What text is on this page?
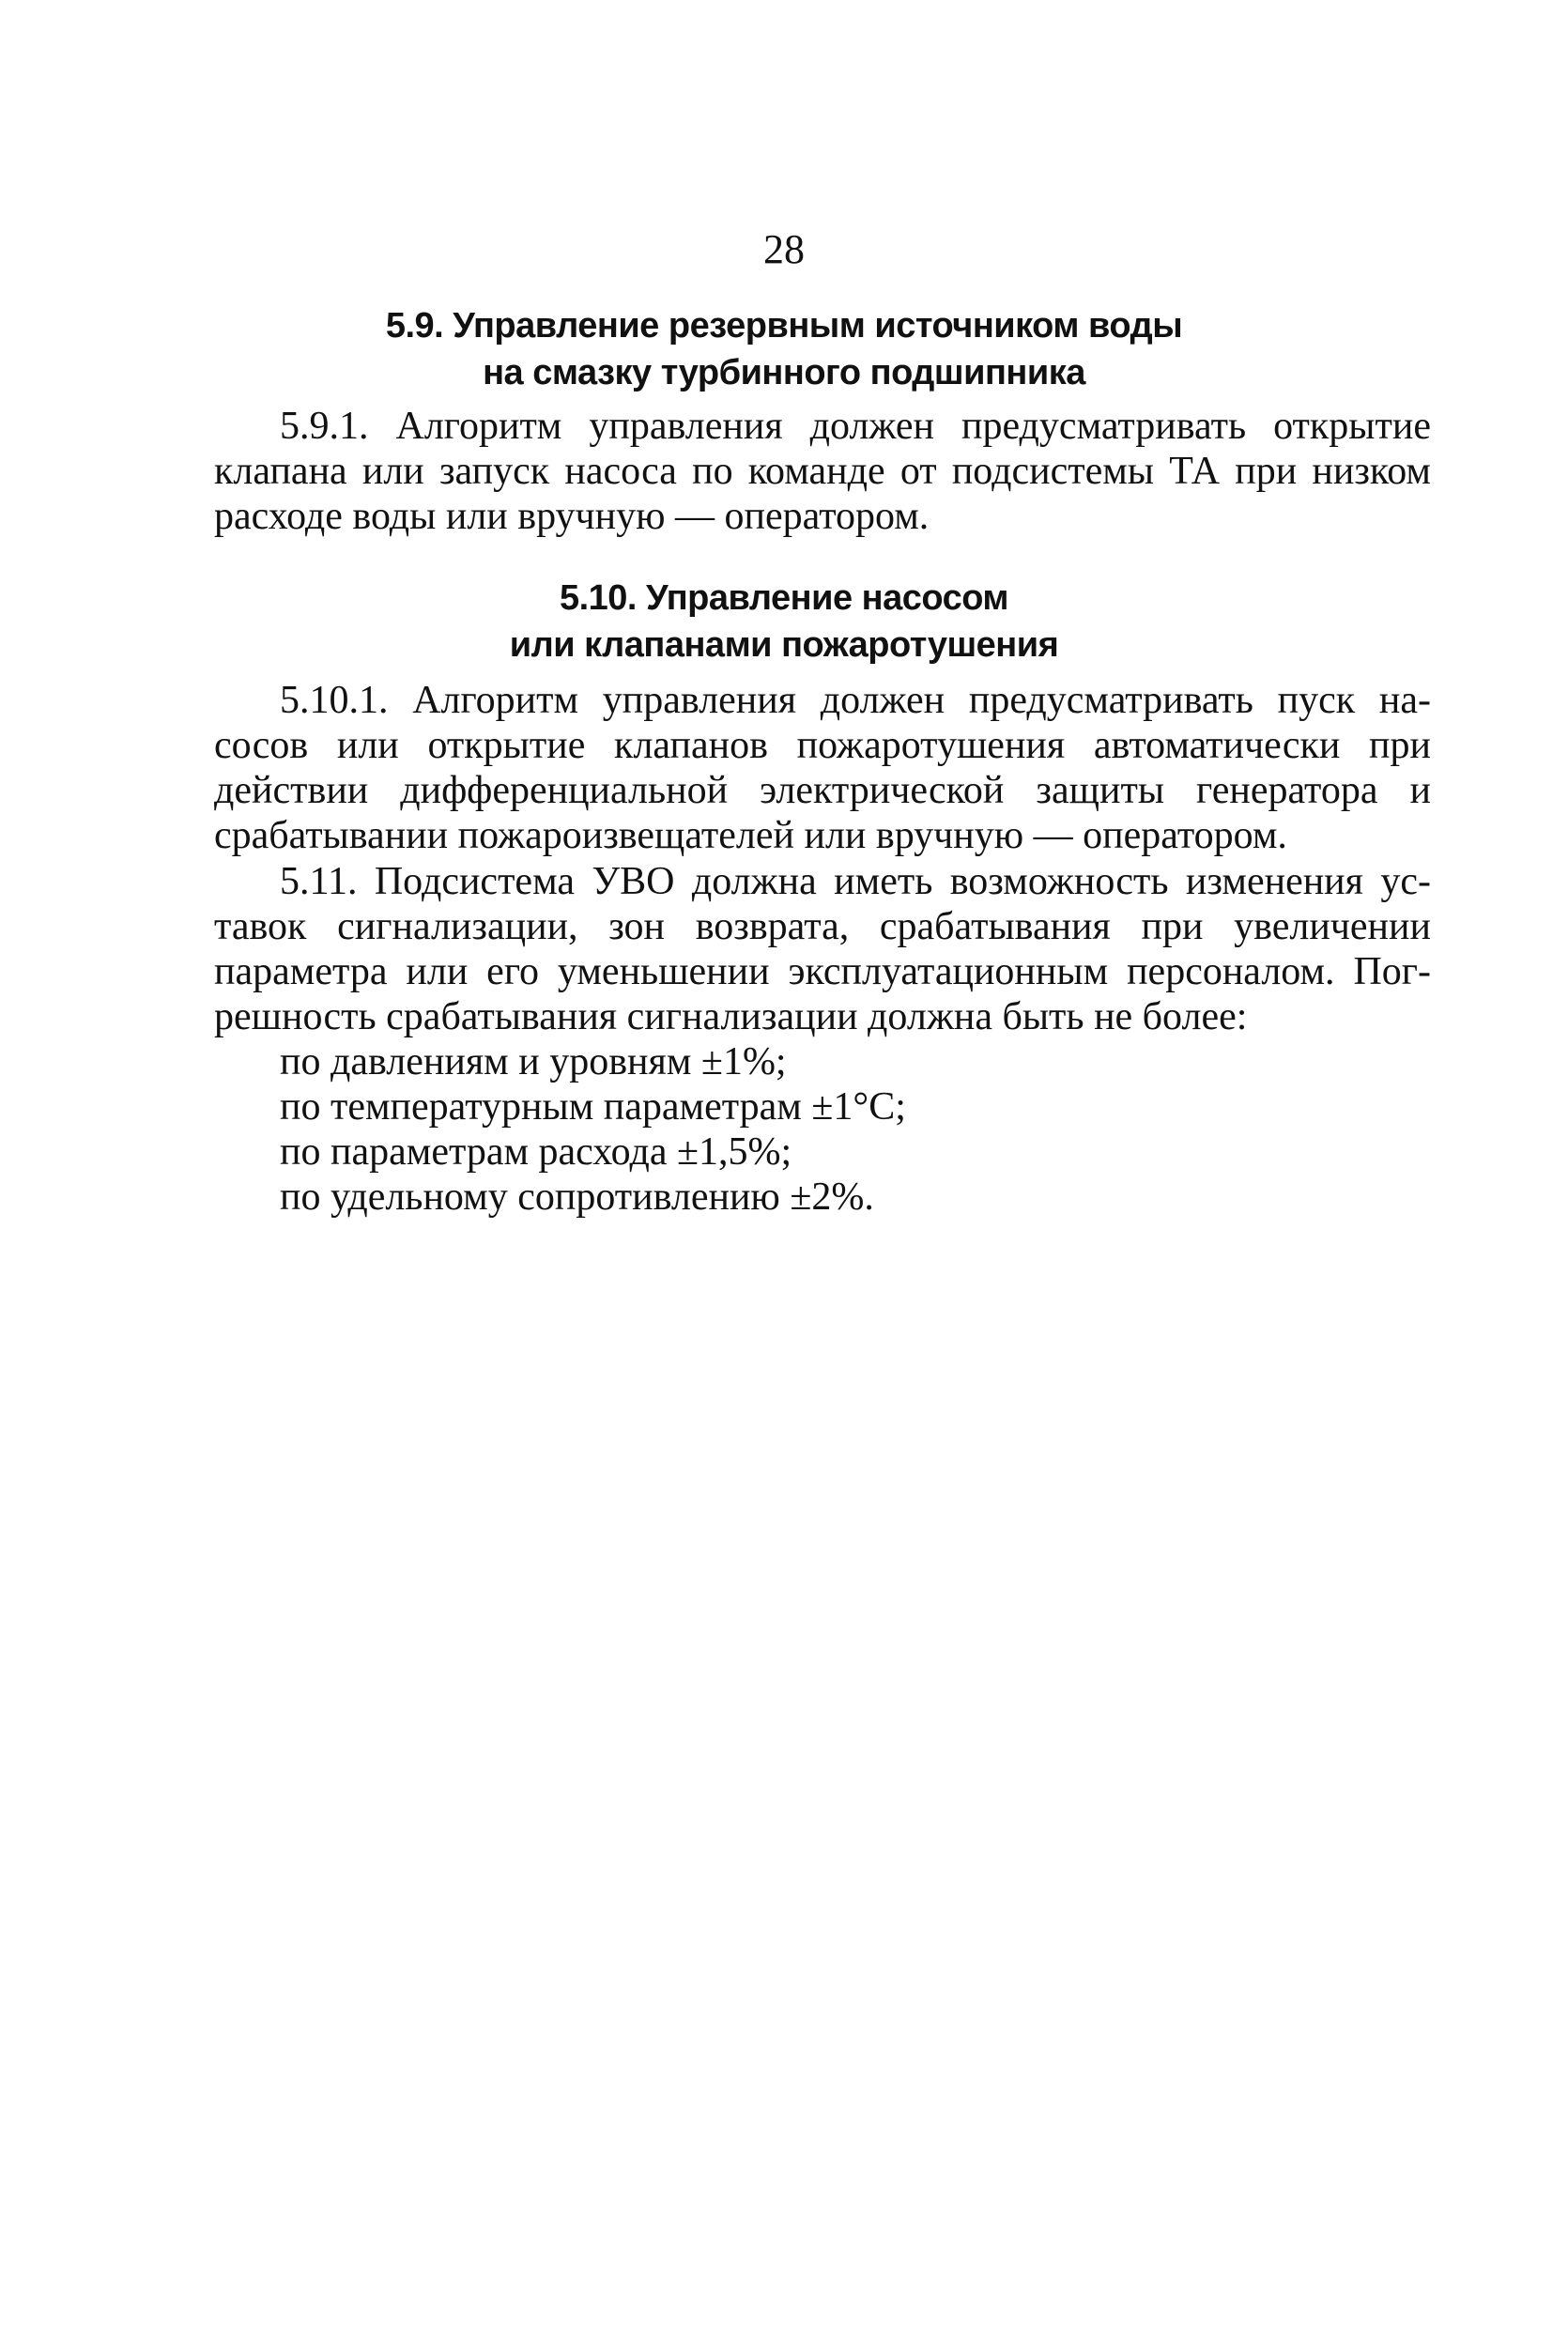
28
5.9. Управление резервным источником воды
на смазку турбинного подшипника
5.9.1. Алгоритм управления должен предусматривать открытие
клапана или запуск насоса по команде от подсистемы ТА при низком
расходе воды или вручную — оператором.
5.10. Управление насосом
или клапанами пожаротушения
5.10.1. Алгоритм управления должен предусматривать пуск на-
сосов или открытие клапанов пожаротушения автоматически при
действии дифференциальной электрической защиты генератора и
срабатывании пожароизвещателей или вручную — оператором.
5.11. Подсистема УВО должна иметь возможность изменения ус-
тавок сигнализации, зон возврата, срабатывания при увеличении
параметра или его уменьшении эксплуатационным персоналом. Пог-
решность срабатывания сигнализации должна быть не более:
по давлениям и уровням ±1%;
по температурным параметрам ±1°С;
по параметрам расхода ±1,5%;
по удельному сопротивлению ±2%.
